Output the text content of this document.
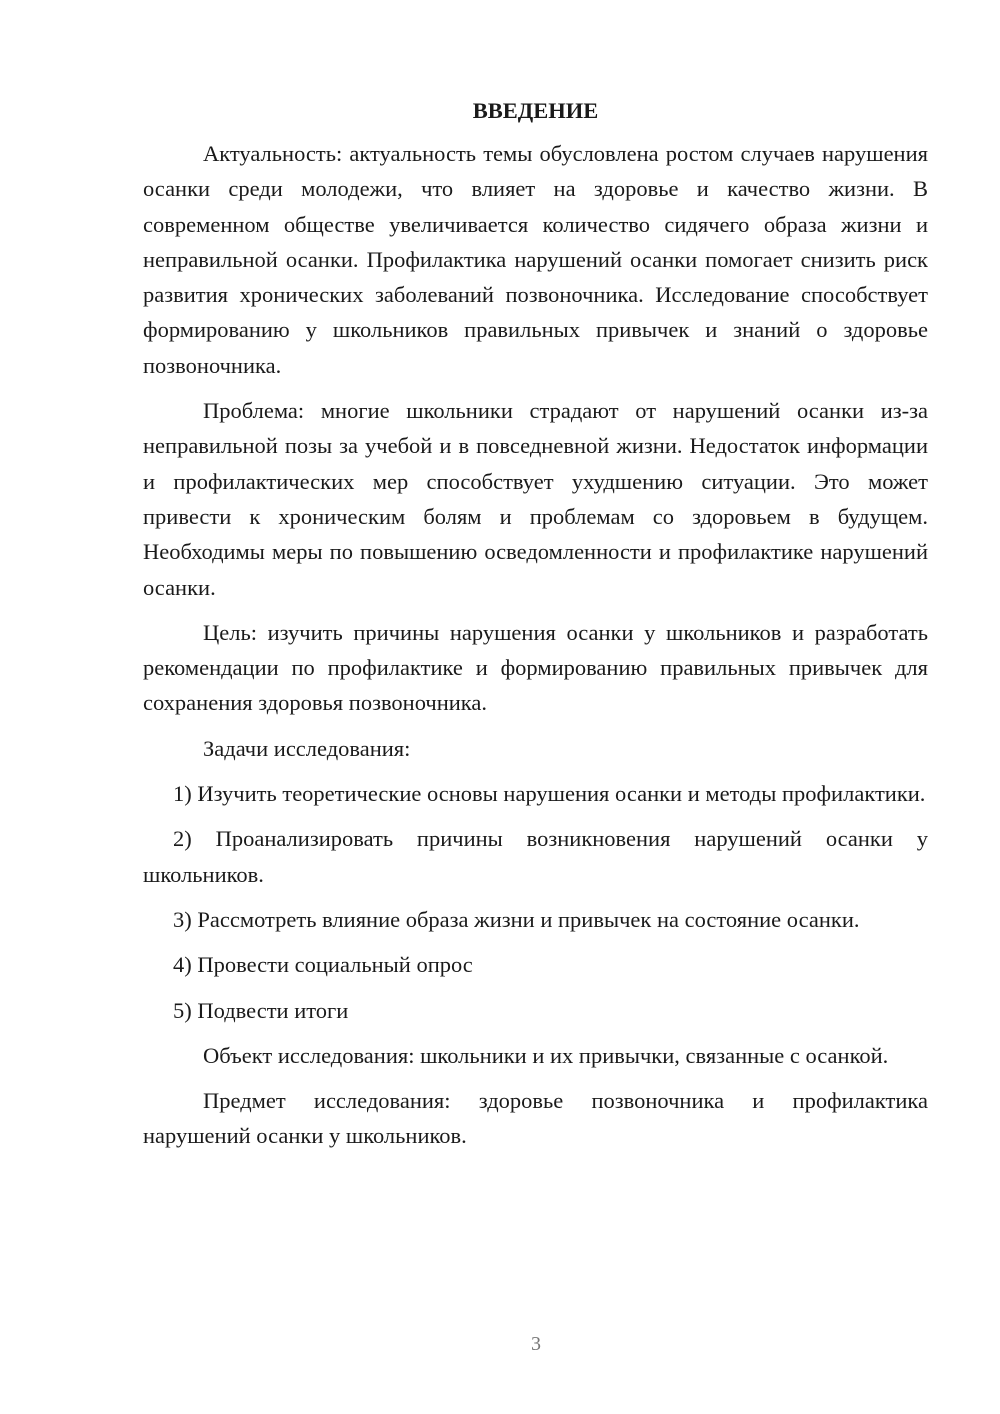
ВВЕДЕНИЕ

Актуальность: актуальность темы обусловлена ростом случаев нарушения осанки среди молодежи, что влияет на здоровье и качество жизни. В современном обществе увеличивается количество сидячего образа жизни и неправильной осанки. Профилактика нарушений осанки помогает снизить риск развития хронических заболеваний позвоночника. Исследование способствует формированию у школьников правильных привычек и знаний о здоровье позвоночника.

Проблема: многие школьники страдают от нарушений осанки из-за неправильной позы за учебой и в повседневной жизни. Недостаток информации и профилактических мер способствует ухудшению ситуации. Это может привести к хроническим болям и проблемам со здоровьем в будущем. Необходимы меры по повышению осведомленности и профилактике нарушений осанки.

Цель: изучить причины нарушения осанки у школьников и разработать рекомендации по профилактике и формированию правильных привычек для сохранения здоровья позвоночника.

Задачи исследования:

1) Изучить теоретические основы нарушения осанки и методы профилактики.

2) Проанализировать причины возникновения нарушений осанки у школьников.

3) Рассмотреть влияние образа жизни и привычек на состояние осанки.

4) Провести социальный опрос

5) Подвести итоги

Объект исследования: школьники и их привычки, связанные с осанкой.

Предмет исследования: здоровье позвоночника и профилактика нарушений осанки у школьников.

3
